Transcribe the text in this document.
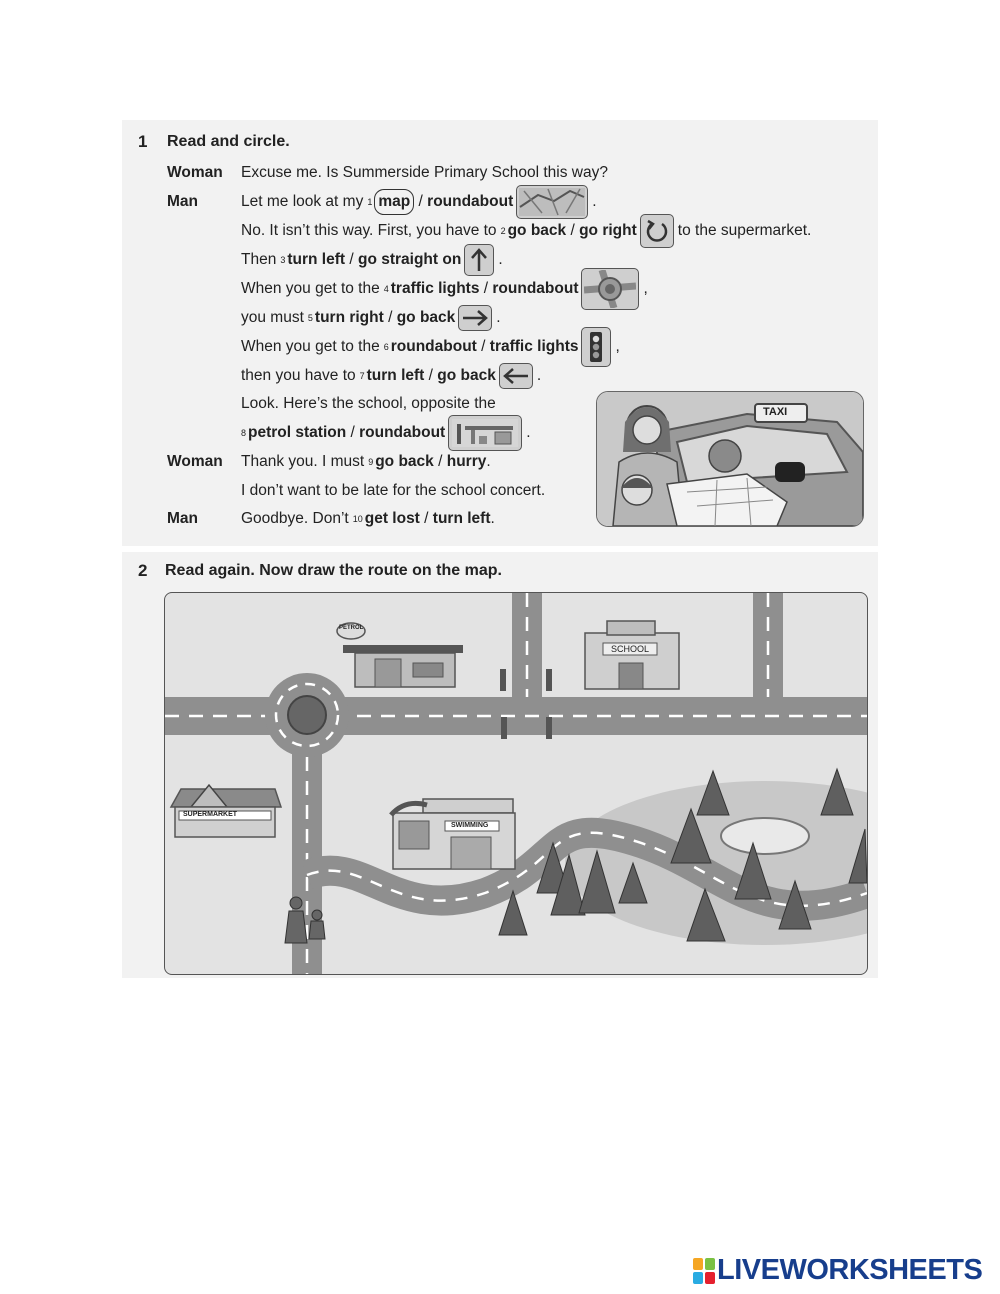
1 Read and circle.
Woman Excuse me. Is Summerside Primary School this way?
Man	Let me look at my 1 map
/
roundabout	.
No. It isn’t this way. First, you have to 2 go back
/
go right	to the supermarket.
Then 3 turn left
/
go straight on .
When you get to the 4 traffic lights
/
roundabout	,
you must 5 turn right
/
go back	.
When you get to the 6 roundabout
/
traffic lights ,
then you have to 7 turn left
/
go back	.
Look. Here’s the school, opposite the
8 petrol station
/
roundabout	.
Woman Thank you. I must 9 go back
/
hurry .
I don’t want to be late for the school concert.
Man	Goodbye. Don’t 10 get lost
/
turn left .
TAXI
2 Read again. Now draw the route on the map.
PETROL
SCHOOL
SUPERMARKET
SWIMMING
LIVEWORKSHEETS
